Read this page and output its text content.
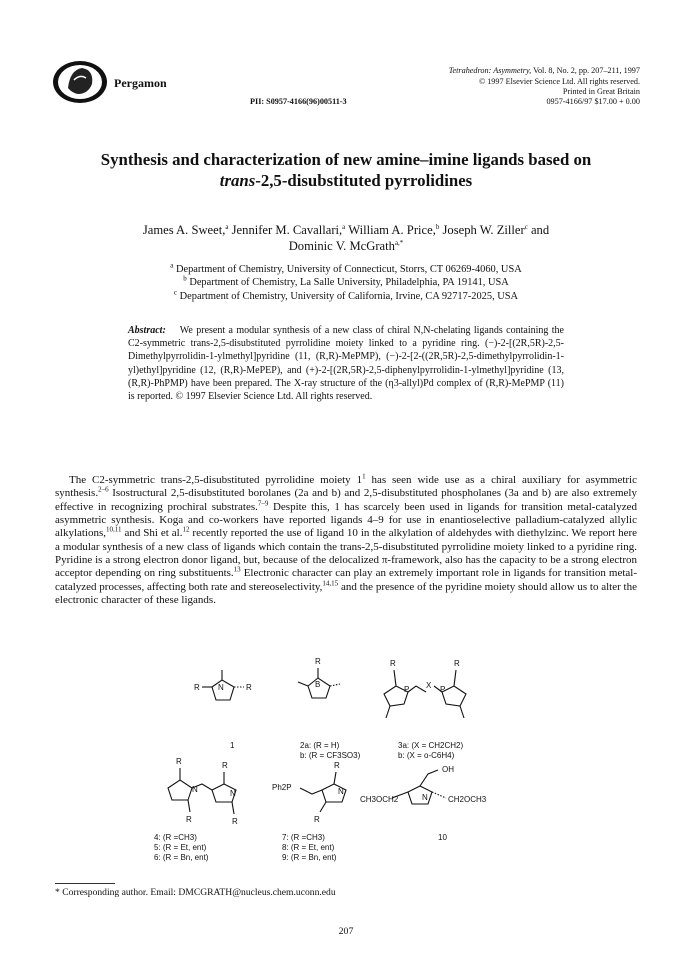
Pergamon
Tetrahedron: Asymmetry, Vol. 8, No. 2, pp. 207–211, 1997
© 1997 Elsevier Science Ltd. All rights reserved.
Printed in Great Britain
PII: S0957-4166(96)00511-3	0957-4166/97 $17.00 + 0.00
Synthesis and characterization of new amine–imine ligands based on
trans-2,5-disubstituted pyrrolidines
James A. Sweet,$^a$ Jennifer M. Cavallari,$^a$ William A. Price,$^b$ Joseph W. Ziller$^c$ and
Dominic V. McGrath$^{a,*}$
$^a$ Department of Chemistry, University of Connecticut, Storrs, CT 06269-4060, USA
$^b$ Department of Chemistry, La Salle University, Philadelphia, PA 19141, USA
$^c$ Department of Chemistry, University of California, Irvine, CA 92717-2025, USA
Abstract: We present a modular synthesis of a new class of chiral N,N-chelating ligands containing the C2-symmetric trans-2,5-disubstituted pyrrolidine moiety linked to a pyridine ring. (−)-2-[(2R,5R)-2,5-Dimethylpyrrolidin-1-ylmethyl]pyridine (11, (R,R)-MePMP), (−)-2-[2-((2R,5R)-2,5-dimethylpyrrolidin-1-yl)ethyl]pyridine (12, (R,R)-MePEP), and (+)-2-[(2R,5R)-2,5-diphenylpyrrolidin-1-ylmethyl]pyridine (13, (R,R)-PhPMP) have been prepared. The X-ray structure of the (η3-allyl)Pd complex of (R,R)-MePMP (11) is reported. © 1997 Elsevier Science Ltd. All rights reserved.
The C2-symmetric trans-2,5-disubstituted pyrrolidine moiety $1^1$ has seen wide use as a chiral auxiliary for asymmetric synthesis.$^{2-6}$ Isostructural 2,5-disubstituted borolanes (2a and b) and 2,5-disubstituted phospholanes (3a and b) are also extremely effective in recognizing prochiral substrates.$^{7-9}$ Despite this, 1 has scarcely been used in ligands for transition metal-catalyzed asymmetric synthesis. Koga and co-workers have reported ligands 4–9 for use in enantioselective palladium-catalyzed allylic alkylations,$^{10,11}$ and Shi et al.$^{12}$ recently reported the use of ligand 10 in the alkylation of aldehydes with diethylzinc. We report here a modular synthesis of a new class of ligands which contain the trans-2,5-disubstituted pyrrolidine moiety linked to a pyridine ring. Pyridine is a strong electron donor ligand, but, because of the delocalized π-framework, also has the capacity to be a strong electron acceptor depending on ring substituents.$^{13}$ Electronic character can play an extremely important role in ligands for transition metal-catalyzed processes, affecting both rate and stereoselectivity,$^{14,15}$ and the presence of the pyridine moiety should allow us to alter the electronic character of these ligands.
N
R	R	B
R
P X P
R	R
N	N	N
N
R
R
R
R
R
R
Ph2P
OH
CH3OCH2	CH2OCH3
1	2a: (R = H)
b: (R = CF3SO3)
3a: (X = CH2CH2)
b: (X = o-C6H4)
4: (R =CH3)
5: (R = Et, ent)
6: (R = Bn, ent)
7: (R =CH3)
8: (R = Et, ent)
9: (R = Bn, ent)
10
* Corresponding author. Email: DMCGRATH@nucleus.chem.uconn.edu
207
